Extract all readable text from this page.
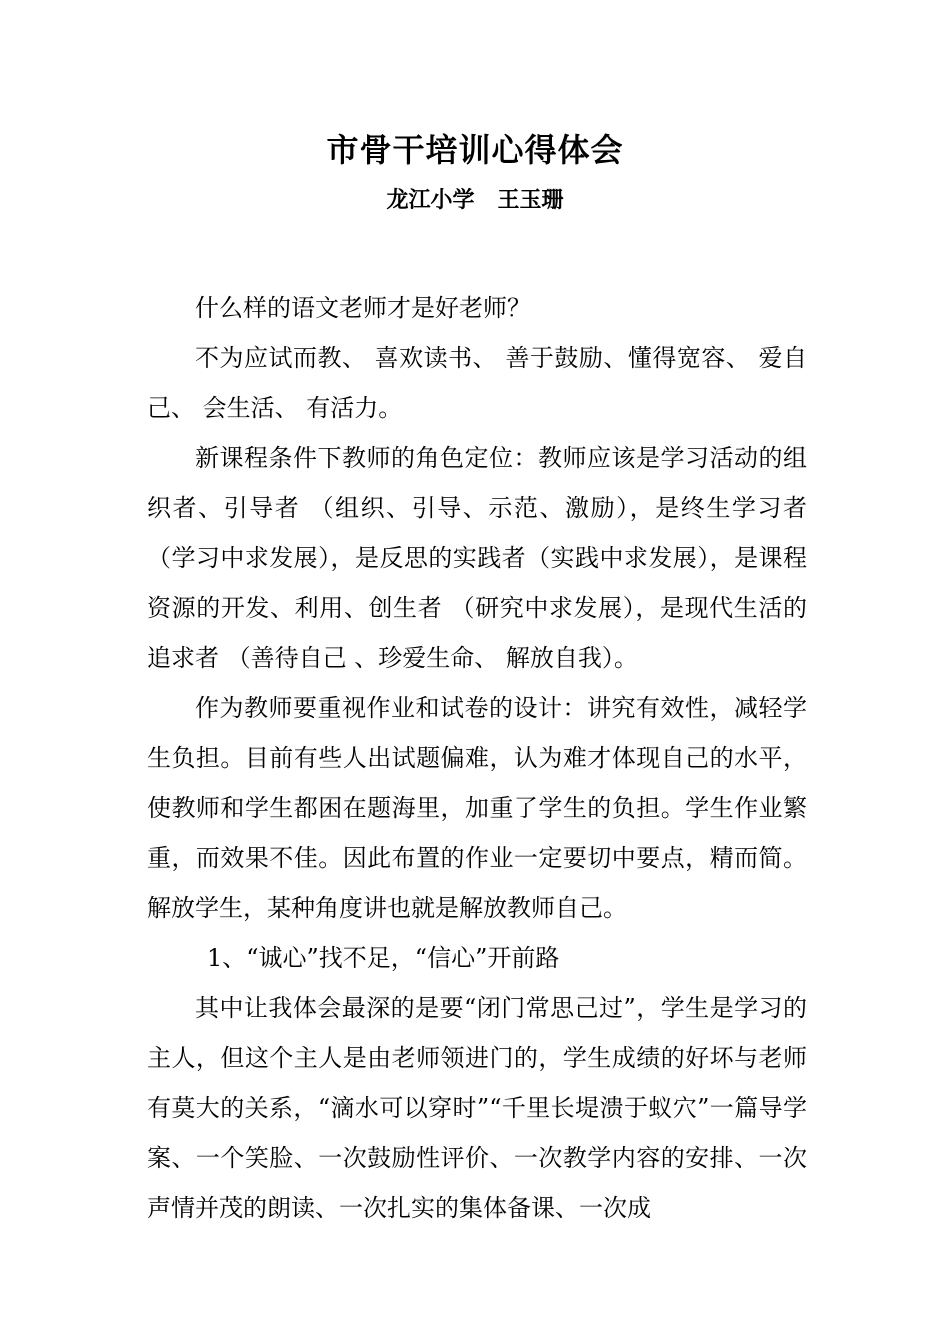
市骨干培训心得体会
龙江小学   王玉珊

什么样的语文老师才是好老师？

不为应试而教、 喜欢读书、 善于鼓励、懂得宽容、 爱自己、 会生活、 有活力。

新课程条件下教师的角色定位：教师应该是学习活动的组织者、引导者 （组织、引导、示范、激励），是终生学习者（学习中求发展），是反思的实践者（实践中求发展），是课程资源的开发、利用、创生者 （研究中求发展），是现代生活的追求者 （善待自己 、珍爱生命、 解放自我）。

作为教师要重视作业和试卷的设计：讲究有效性，减轻学生负担。目前有些人出试题偏难，认为难才体现自己的水平，使教师和学生都困在题海里，加重了学生的负担。学生作业繁重，而效果不佳。因此布置的作业一定要切中要点，精而简。解放学生，某种角度讲也就是解放教师自己。

1、“诚心”找不足，“信心”开前路

其中让我体会最深的是要“闭门常思己过”，学生是学习的主人，但这个主人是由老师领进门的，学生成绩的好坏与老师有莫大的关系，“滴水可以穿时”“千里长堤溃于蚁穴”一篇导学案、一个笑脸、一次鼓励性评价、一次教学内容的安排、一次声情并茂的朗读、一次扎实的集体备课、一次成
